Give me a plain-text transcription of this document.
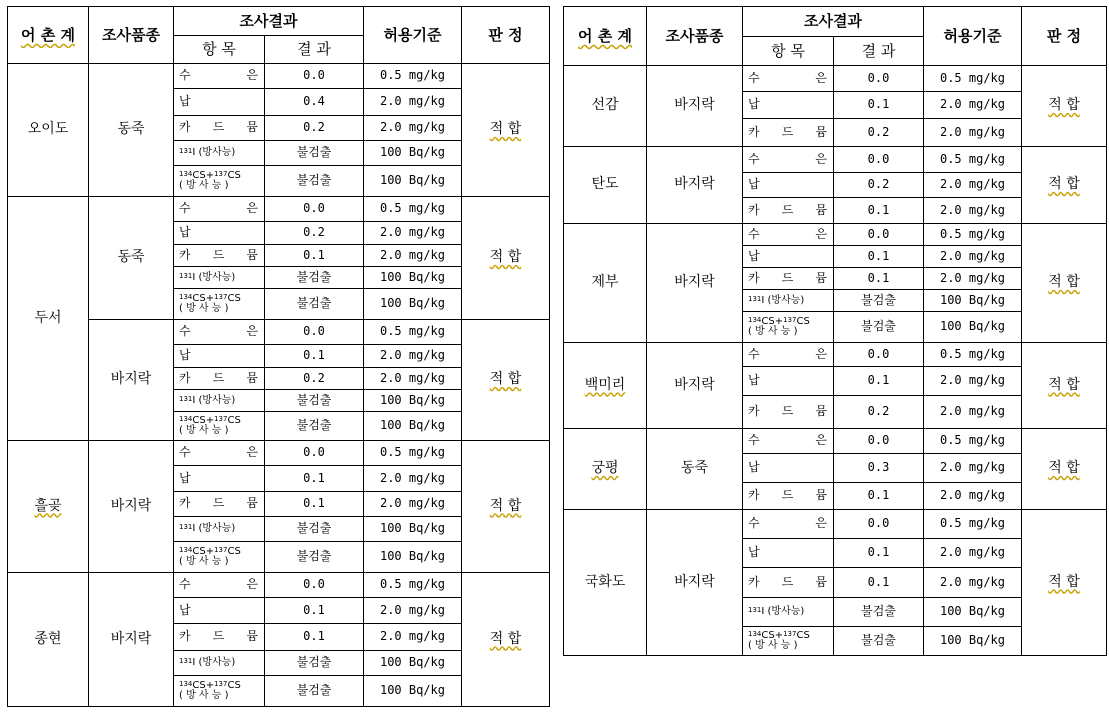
어 촌 계	조사품종	조사결과		허용기준	판 정
		항 목	결 과		
오이도	동죽	수 은	0.0	0.5 mg/kg	적 합
		납	0.4	2.0 mg/kg	

		카 드 뮴	0.2	2.0 mg/kg	
		$^{131}$I (방사능)	불검출	100 Bq/kg	
		$^{134}$CS+$^{137}$CS
( 방 사 능 )	불검출	100 Bq/kg	
두서	동죽	수 은	0.0	0.5 mg/kg	적 합
		납	0.2	2.0 mg/kg	

		카 드 뮴	0.1	2.0 mg/kg	
		$^{131}$I (방사능)	불검출	100 Bq/kg	
		$^{134}$CS+$^{137}$CS
( 방 사 능 )	불검출	100 Bq/kg	
	바지락	수 은	0.0	0.5 mg/kg	적 합
		납	0.1	2.0 mg/kg	

		카 드 뮴	0.2	2.0 mg/kg	
		$^{131}$I (방사능)	불검출	100 Bq/kg	
		$^{134}$CS+$^{137}$CS
( 방 사 능 )	불검출	100 Bq/kg	
흘곶	바지락	수 은	0.0	0.5 mg/kg	적 합
		납	0.1	2.0 mg/kg	

		카 드 뮴	0.1	2.0 mg/kg	
		$^{131}$I (방사능)	불검출	100 Bq/kg	
		$^{134}$CS+$^{137}$CS
( 방 사 능 )	불검출	100 Bq/kg	
종현	바지락	수 은	0.0	0.5 mg/kg	적 합
		납	0.1	2.0 mg/kg	

		카 드 뮴	0.1	2.0 mg/kg	
		$^{131}$I (방사능)	불검출	100 Bq/kg	
		$^{134}$CS+$^{137}$CS
( 방 사 능 )	불검출	100 Bq/kg	
어 촌 계	조사품종	조사결과		허용기준	판 정
		항 목	결 과		
선감	바지락	수 은	0.0	0.5 mg/kg	적 합
		납	0.1	2.0 mg/kg	

		카 드 뮴	0.2	2.0 mg/kg	
탄도	바지락	수 은	0.0	0.5 mg/kg	적 합
		납	0.2	2.0 mg/kg	

		카 드 뮴	0.1	2.0 mg/kg	
제부	바지락	수 은	0.0	0.5 mg/kg	적 합
		납	0.1	2.0 mg/kg	

		카 드 뮴	0.1	2.0 mg/kg	
		$^{131}$I (방사능)	불검출	100 Bq/kg	
		$^{134}$CS+$^{137}$CS
( 방 사 능 )	불검출	100 Bq/kg	
백미리	바지락	수 은	0.0	0.5 mg/kg	적 합
		납	0.1	2.0 mg/kg	

		카 드 뮴	0.2	2.0 mg/kg	
궁평	동죽	수 은	0.0	0.5 mg/kg	적 합
		납	0.3	2.0 mg/kg	

		카 드 뮴	0.1	2.0 mg/kg	
국화도	바지락	수 은	0.0	0.5 mg/kg	적 합
		납	0.1	2.0 mg/kg	

		카 드 뮴	0.1	2.0 mg/kg	
		$^{131}$I (방사능)	불검출	100 Bq/kg	
		$^{134}$CS+$^{137}$CS
( 방 사 능 )	불검출	100 Bq/kg	
